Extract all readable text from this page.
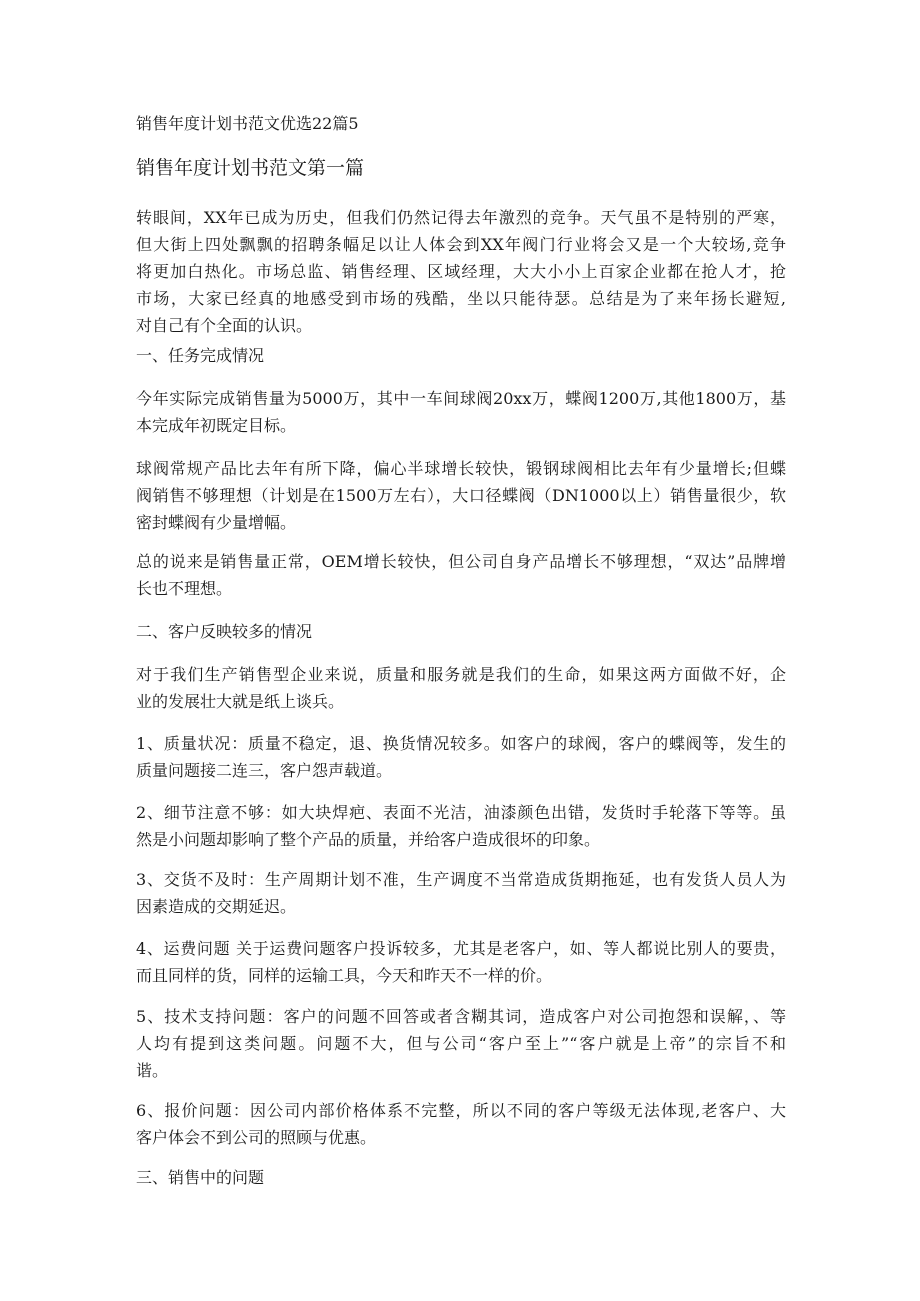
销售年度计划书范文优选22篇5

销售年度计划书范文第一篇

转眼间，XX年已成为历史，但我们仍然记得去年激烈的竞争。天气虽不是特别的严寒，

但大街上四处飘飘的招聘条幅足以让人体会到XX年阀门行业将会又是一个大较场,竞争

将更加白热化。市场总监、销售经理、区域经理，大大小小上百家企业都在抢人才，抢

市场，大家已经真的地感受到市场的残酷，坐以只能待瑟。总结是为了来年扬长避短,

对自己有个全面的认识。

一、任务完成情况

今年实际完成销售量为5000万，其中一车间球阀20xx万，蝶阀1200万,其他1800万，基

本完成年初既定目标。

球阀常规产品比去年有所下降，偏心半球增长较快，锻钢球阀相比去年有少量增长;但蝶

阀销售不够理想（计划是在1500万左右），大口径蝶阀（DN1000以上）销售量很少，软

密封蝶阀有少量增幅。

总的说来是销售量正常，OEM增长较快，但公司自身产品增长不够理想，“双达”品牌增

长也不理想。

二、客户反映较多的情况

对于我们生产销售型企业来说，质量和服务就是我们的生命，如果这两方面做不好，企

业的发展壮大就是纸上谈兵。

1、质量状况：质量不稳定，退、换货情况较多。如客户的球阀，客户的蝶阀等，发生的

质量问题接二连三，客户怨声载道。

2、细节注意不够：如大块焊疤、表面不光洁，油漆颜色出错，发货时手轮落下等等。虽

然是小问题却影响了整个产品的质量，并给客户造成很坏的印象。

3、交货不及时：生产周期计划不准，生产调度不当常造成货期拖延，也有发货人员人为

因素造成的交期延迟。

4、运费问题 关于运费问题客户投诉较多，尤其是老客户，如、等人都说比别人的要贵，

而且同样的货，同样的运输工具，今天和昨天不一样的价。

5、技术支持问题：客户的问题不回答或者含糊其词，造成客户对公司抱怨和误解，、等

人均有提到这类问题。问题不大，但与公司“客户至上”“客户就是上帝”的宗旨不和

谐。

6、报价问题：因公司内部价格体系不完整，所以不同的客户等级无法体现,老客户、大

客户体会不到公司的照顾与优惠。

三、销售中的问题
